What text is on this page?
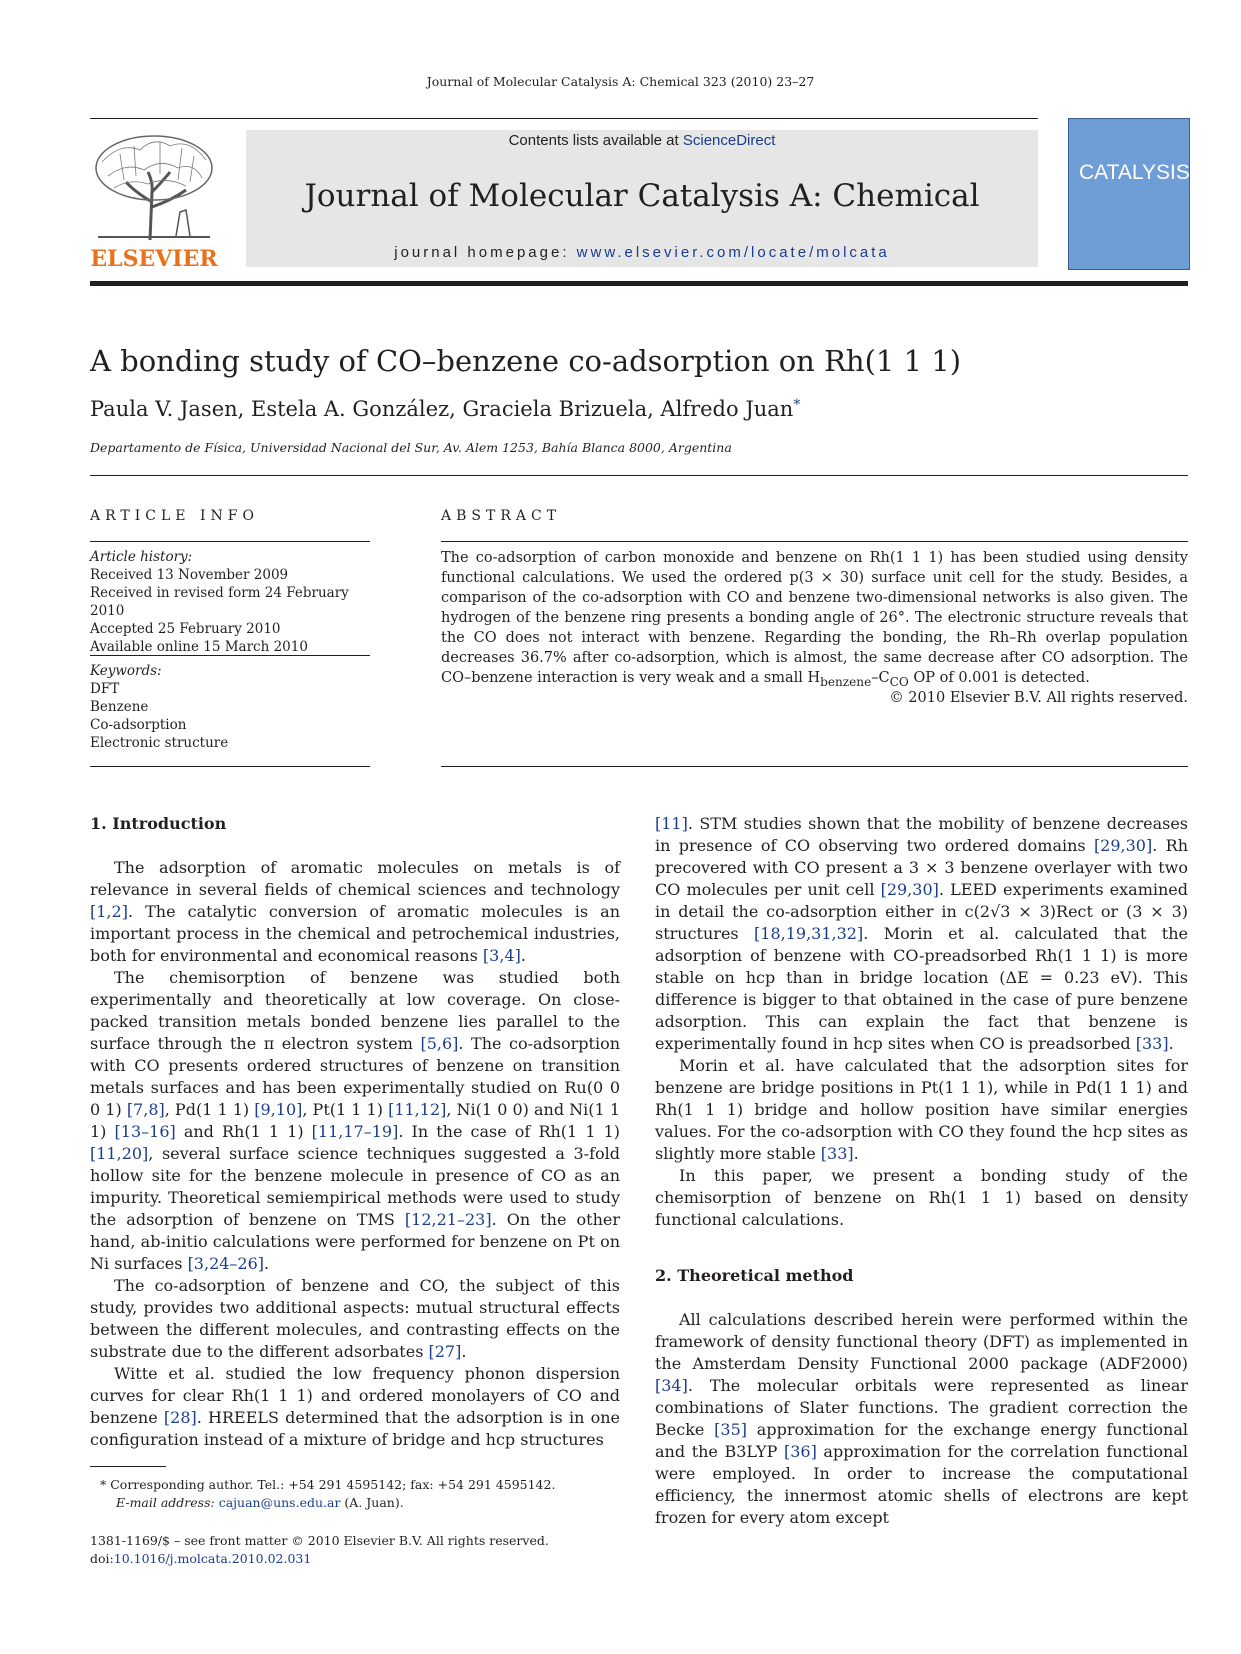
Journal of Molecular Catalysis A: Chemical 323 (2010) 23–27
ELSEVIER
Contents lists available at ScienceDirect
Journal of Molecular Catalysis A: Chemical
journal homepage: www.elsevier.com/locate/molcata
CATALYSIS
A bonding study of CO–benzene co-adsorption on Rh(1 1 1)
Paula V. Jasen, Estela A. González, Graciela Brizuela, Alfredo Juan*
Departamento de Física, Universidad Nacional del Sur, Av. Alem 1253, Bahía Blanca 8000, Argentina
ARTICLE INFO
Article history:
Received 13 November 2009
Received in revised form 24 February 2010
Accepted 25 February 2010
Available online 15 March 2010
Keywords:
DFT
Benzene
Co-adsorption
Electronic structure
ABSTRACT
The co-adsorption of carbon monoxide and benzene on Rh(1 1 1) has been studied using density functional calculations. We used the ordered p(3 × 30) surface unit cell for the study. Besides, a comparison of the co-adsorption with CO and benzene two-dimensional networks is also given. The hydrogen of the benzene ring presents a bonding angle of 26°. The electronic structure reveals that the CO does not interact with benzene. Regarding the bonding, the Rh–Rh overlap population decreases 36.7% after co-adsorption, which is almost, the same decrease after CO adsorption. The CO–benzene interaction is very weak and a small $H_{benzene}-C_{CO}$ OP of 0.001 is detected.
© 2010 Elsevier B.V. All rights reserved.
1. Introduction

The adsorption of aromatic molecules on metals is of relevance in several fields of chemical sciences and technology [1,2]. The catalytic conversion of aromatic molecules is an important process in the chemical and petrochemical industries, both for environmental and economical reasons [3,4].

The chemisorption of benzene was studied both experimentally and theoretically at low coverage. On close-packed transition metals bonded benzene lies parallel to the surface through the π electron system [5,6]. The co-adsorption with CO presents ordered structures of benzene on transition metals surfaces and has been experimentally studied on Ru(0 0 0 1) [7,8], Pd(1 1 1) [9,10], Pt(1 1 1) [11,12], Ni(1 0 0) and Ni(1 1 1) [13–16] and Rh(1 1 1) [11,17–19]. In the case of Rh(1 1 1) [11,20], several surface science techniques suggested a 3-fold hollow site for the benzene molecule in presence of CO as an impurity. Theoretical semiempirical methods were used to study the adsorption of benzene on TMS [12,21–23]. On the other hand, ab-initio calculations were performed for benzene on Pt on Ni surfaces [3,24–26].

The co-adsorption of benzene and CO, the subject of this study, provides two additional aspects: mutual structural effects between the different molecules, and contrasting effects on the substrate due to the different adsorbates [27].

Witte et al. studied the low frequency phonon dispersion curves for clear Rh(1 1 1) and ordered monolayers of CO and benzene [28]. HREELS determined that the adsorption is in one configuration instead of a mixture of bridge and hcp structures

* Corresponding author. Tel.: +54 291 4595142; fax: +54 291 4595142.
E-mail address: cajuan@uns.edu.ar (A. Juan).
1381-1169/$ – see front matter © 2010 Elsevier B.V. All rights reserved.
doi:10.1016/j.molcata.2010.02.031

[11]. STM studies shown that the mobility of benzene decreases in presence of CO observing two ordered domains [29,30]. Rh precovered with CO present a 3 × 3 benzene overlayer with two CO molecules per unit cell [29,30]. LEED experiments examined in detail the co-adsorption either in c(2√3 × 3)Rect or (3 × 3) structures [18,19,31,32]. Morin et al. calculated that the adsorption of benzene with CO-preadsorbed Rh(1 1 1) is more stable on hcp than in bridge location (ΔE = 0.23 eV). This difference is bigger to that obtained in the case of pure benzene adsorption. This can explain the fact that benzene is experimentally found in hcp sites when CO is preadsorbed [33].

Morin et al. have calculated that the adsorption sites for benzene are bridge positions in Pt(1 1 1), while in Pd(1 1 1) and Rh(1 1 1) bridge and hollow position have similar energies values. For the co-adsorption with CO they found the hcp sites as slightly more stable [33].

In this paper, we present a bonding study of the chemisorption of benzene on Rh(1 1 1) based on density functional calculations.

2. Theoretical method

All calculations described herein were performed within the framework of density functional theory (DFT) as implemented in the Amsterdam Density Functional 2000 package (ADF2000) [34]. The molecular orbitals were represented as linear combinations of Slater functions. The gradient correction the Becke [35] approximation for the exchange energy functional and the B3LYP [36] approximation for the correlation functional were employed. In order to increase the computational efficiency, the innermost atomic shells of electrons are kept frozen for every atom except
